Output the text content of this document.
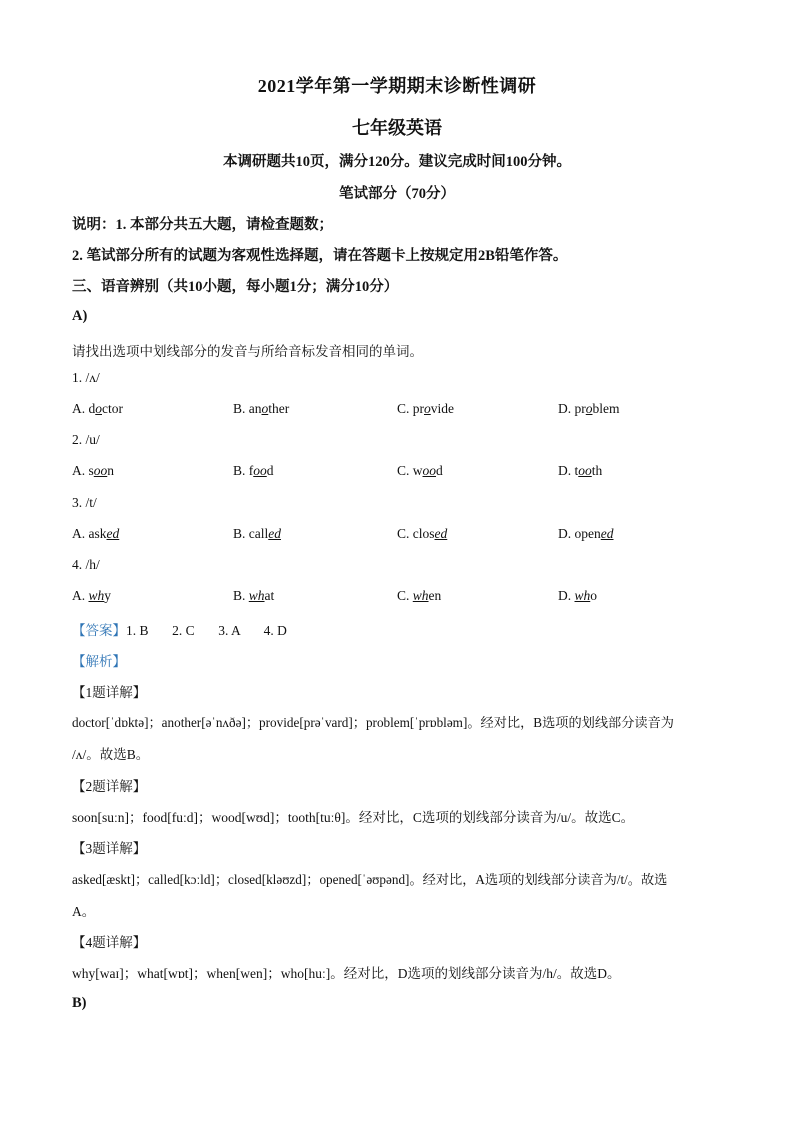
2021学年第一学期期末诊断性调研
七年级英语
本调研题共10页，满分120分。建议完成时间100分钟。
笔试部分（70分）
说明：1. 本部分共五大题，请检查题数；
2. 笔试部分所有的试题为客观性选择题，请在答题卡上按规定用2B铅笔作答。
三、语音辨别（共10小题，每小题1分；满分10分）
A)
请找出选项中划线部分的发音与所给音标发音相同的单词。
1. /ʌ/
A. doctor	B. another	C. provide	D. problem
2. /u/
A. soon	B. food	C. wood	D. tooth
3. /t/
A. asked	B. called	C. closed	D. opened
4. /h/
A. why	B. what	C. when	D. who
【答案】1. B       2. C       3. A       4. D
【解析】
【1题详解】
doctor[ˈdɒktə]；another[əˈnʌðə]；provide[prəˈvard]；problem[ˈprɒbləm]。经对比，B选项的划线部分读音为
/ʌ/。故选B。
【2题详解】
soon[suːn]；food[fuːd]；wood[wʊd]；tooth[tuːθ]。经对比，C选项的划线部分读音为/u/。故选C。
【3题详解】
asked[æskt]；called[kɔːld]；closed[kləʊzd]；opened[ˈəʊpənd]。经对比，A选项的划线部分读音为/t/。故选
A。
【4题详解】
why[waɪ]；what[wɒt]；when[wen]；who[huː]。经对比，D选项的划线部分读音为/h/。故选D。
B)
